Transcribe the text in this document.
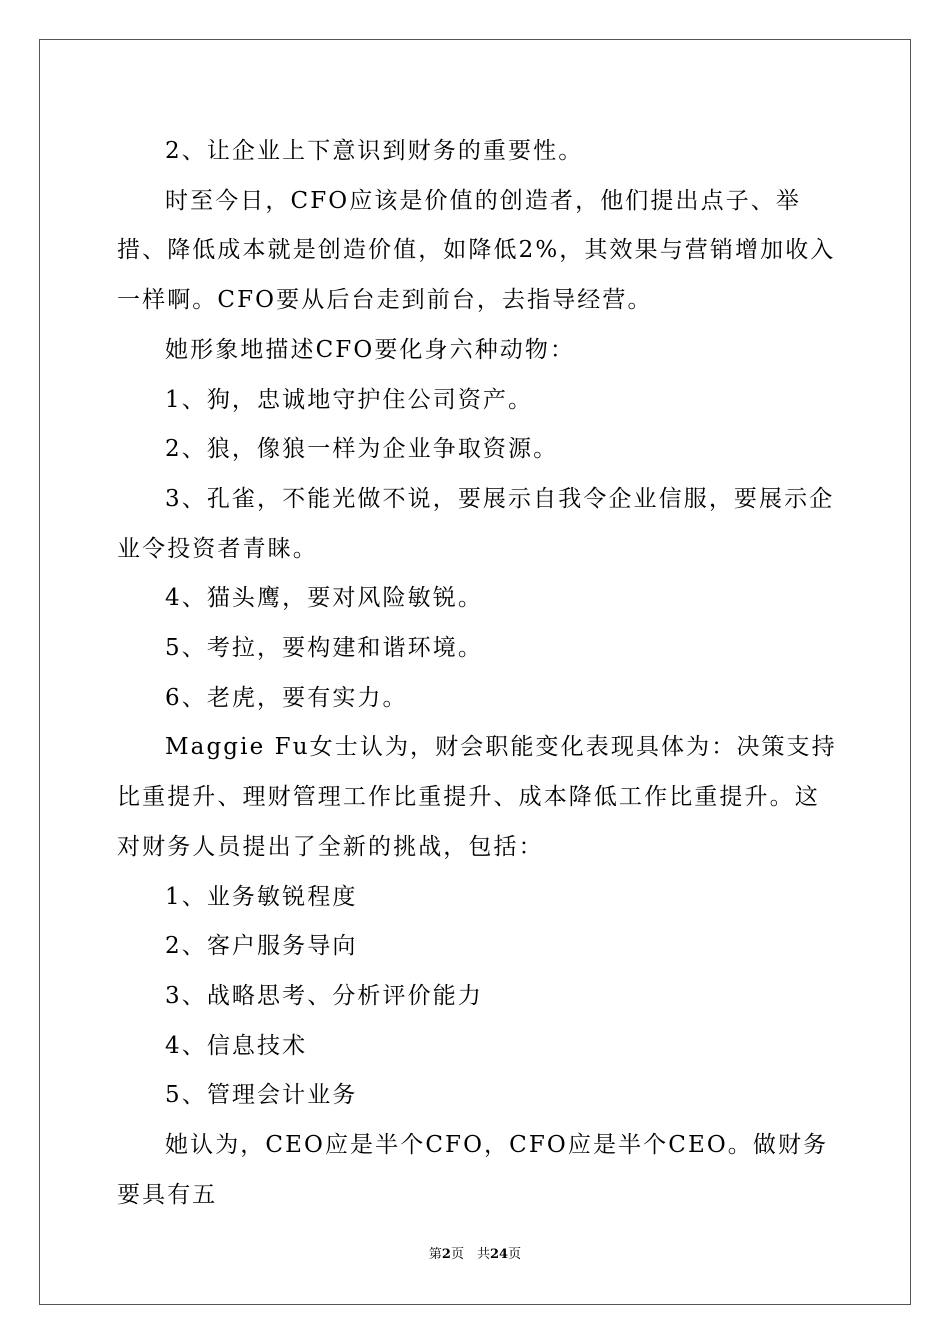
2、让企业上下意识到财务的重要性。

时至今日，CFO应该是价值的创造者，他们提出点子、举措、降低成本就是创造价值，如降低2%，其效果与营销增加收入一样啊。CFO要从后台走到前台，去指导经营。

她形象地描述CFO要化身六种动物：

1、狗，忠诚地守护住公司资产。

2、狼，像狼一样为企业争取资源。

3、孔雀，不能光做不说，要展示自我令企业信服，要展示企业令投资者青睐。

4、猫头鹰，要对风险敏锐。

5、考拉，要构建和谐环境。

6、老虎，要有实力。

Maggie Fu女士认为，财会职能变化表现具体为：决策支持比重提升、理财管理工作比重提升、成本降低工作比重提升。这对财务人员提出了全新的挑战，包括：

1、业务敏锐程度

2、客户服务导向

3、战略思考、分析评价能力

4、信息技术

5、管理会计业务

她认为，CEO应是半个CFO，CFO应是半个CEO。做财务要具有五

第2页　共24页
